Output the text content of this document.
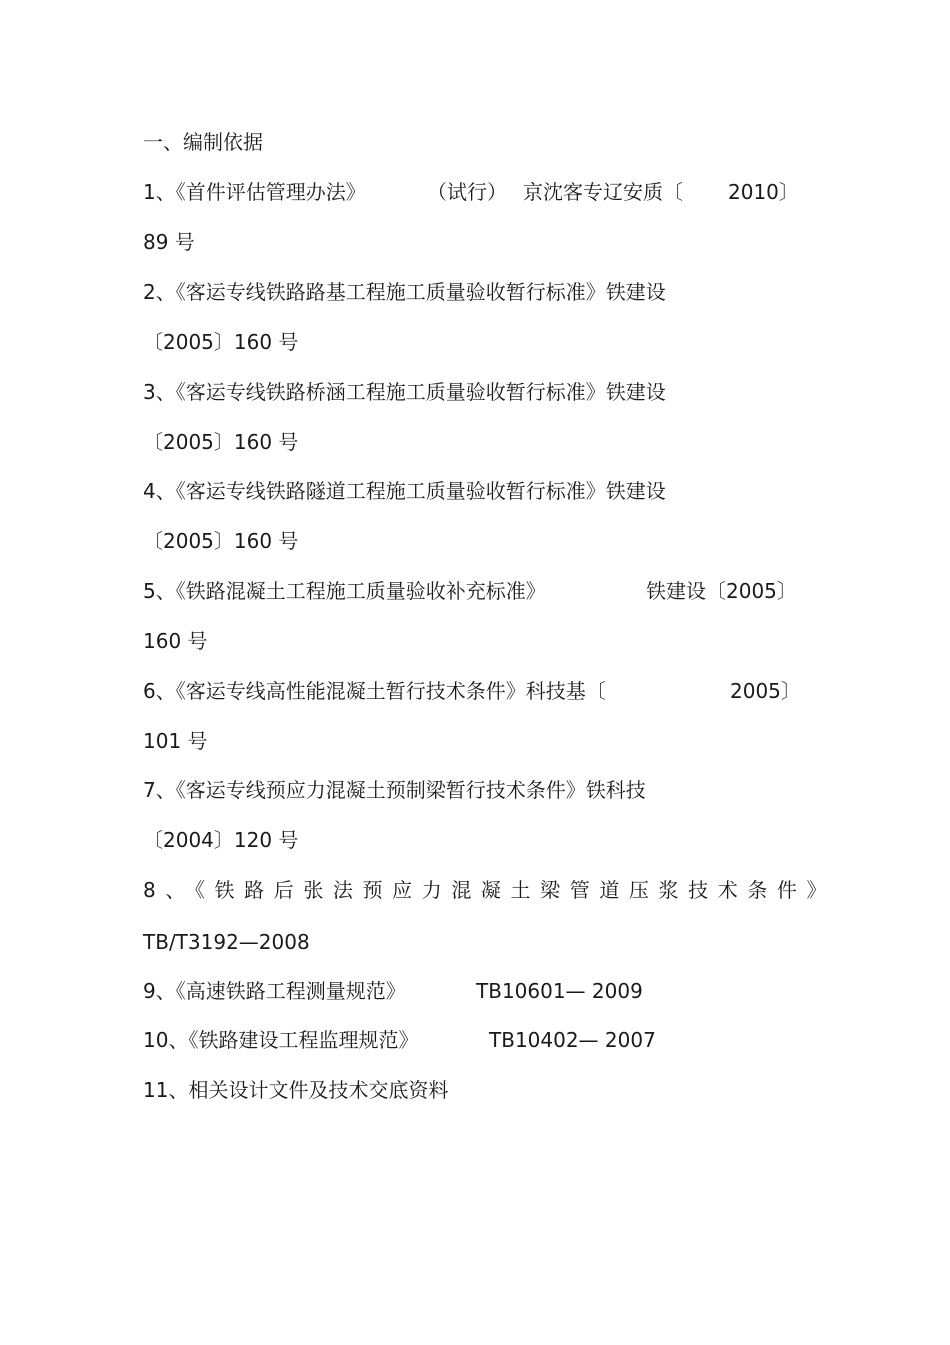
一、编制依据
1、《首件评估管理办法》	（试行） 京沈客专辽安质〔 2010〕
89 号
2、《客运专线铁路路基工程施工质量验收暂行标准》铁建设
〔2005〕160 号
3、《客运专线铁路桥涵工程施工质量验收暂行标准》铁建设
〔2005〕160 号
4、《客运专线铁路隧道工程施工质量验收暂行标准》铁建设
〔2005〕160 号
5、《铁路混凝土工程施工质量验收补充标准》	铁建设〔2005〕
160 号
6、《客运专线高性能混凝土暂行技术条件》科技基〔	2005〕
101 号
7、《客运专线预应力混凝土预制梁暂行技术条件》铁科技
〔2004〕120 号
8、《铁路后张法预应力混凝土梁管道压浆技术条件》
TB/T3192—2008
9、《高速铁路工程测量规范》	TB10601— 2009
10、《铁路建设工程监理规范》	TB10402— 2007
11、相关设计文件及技术交底资料
